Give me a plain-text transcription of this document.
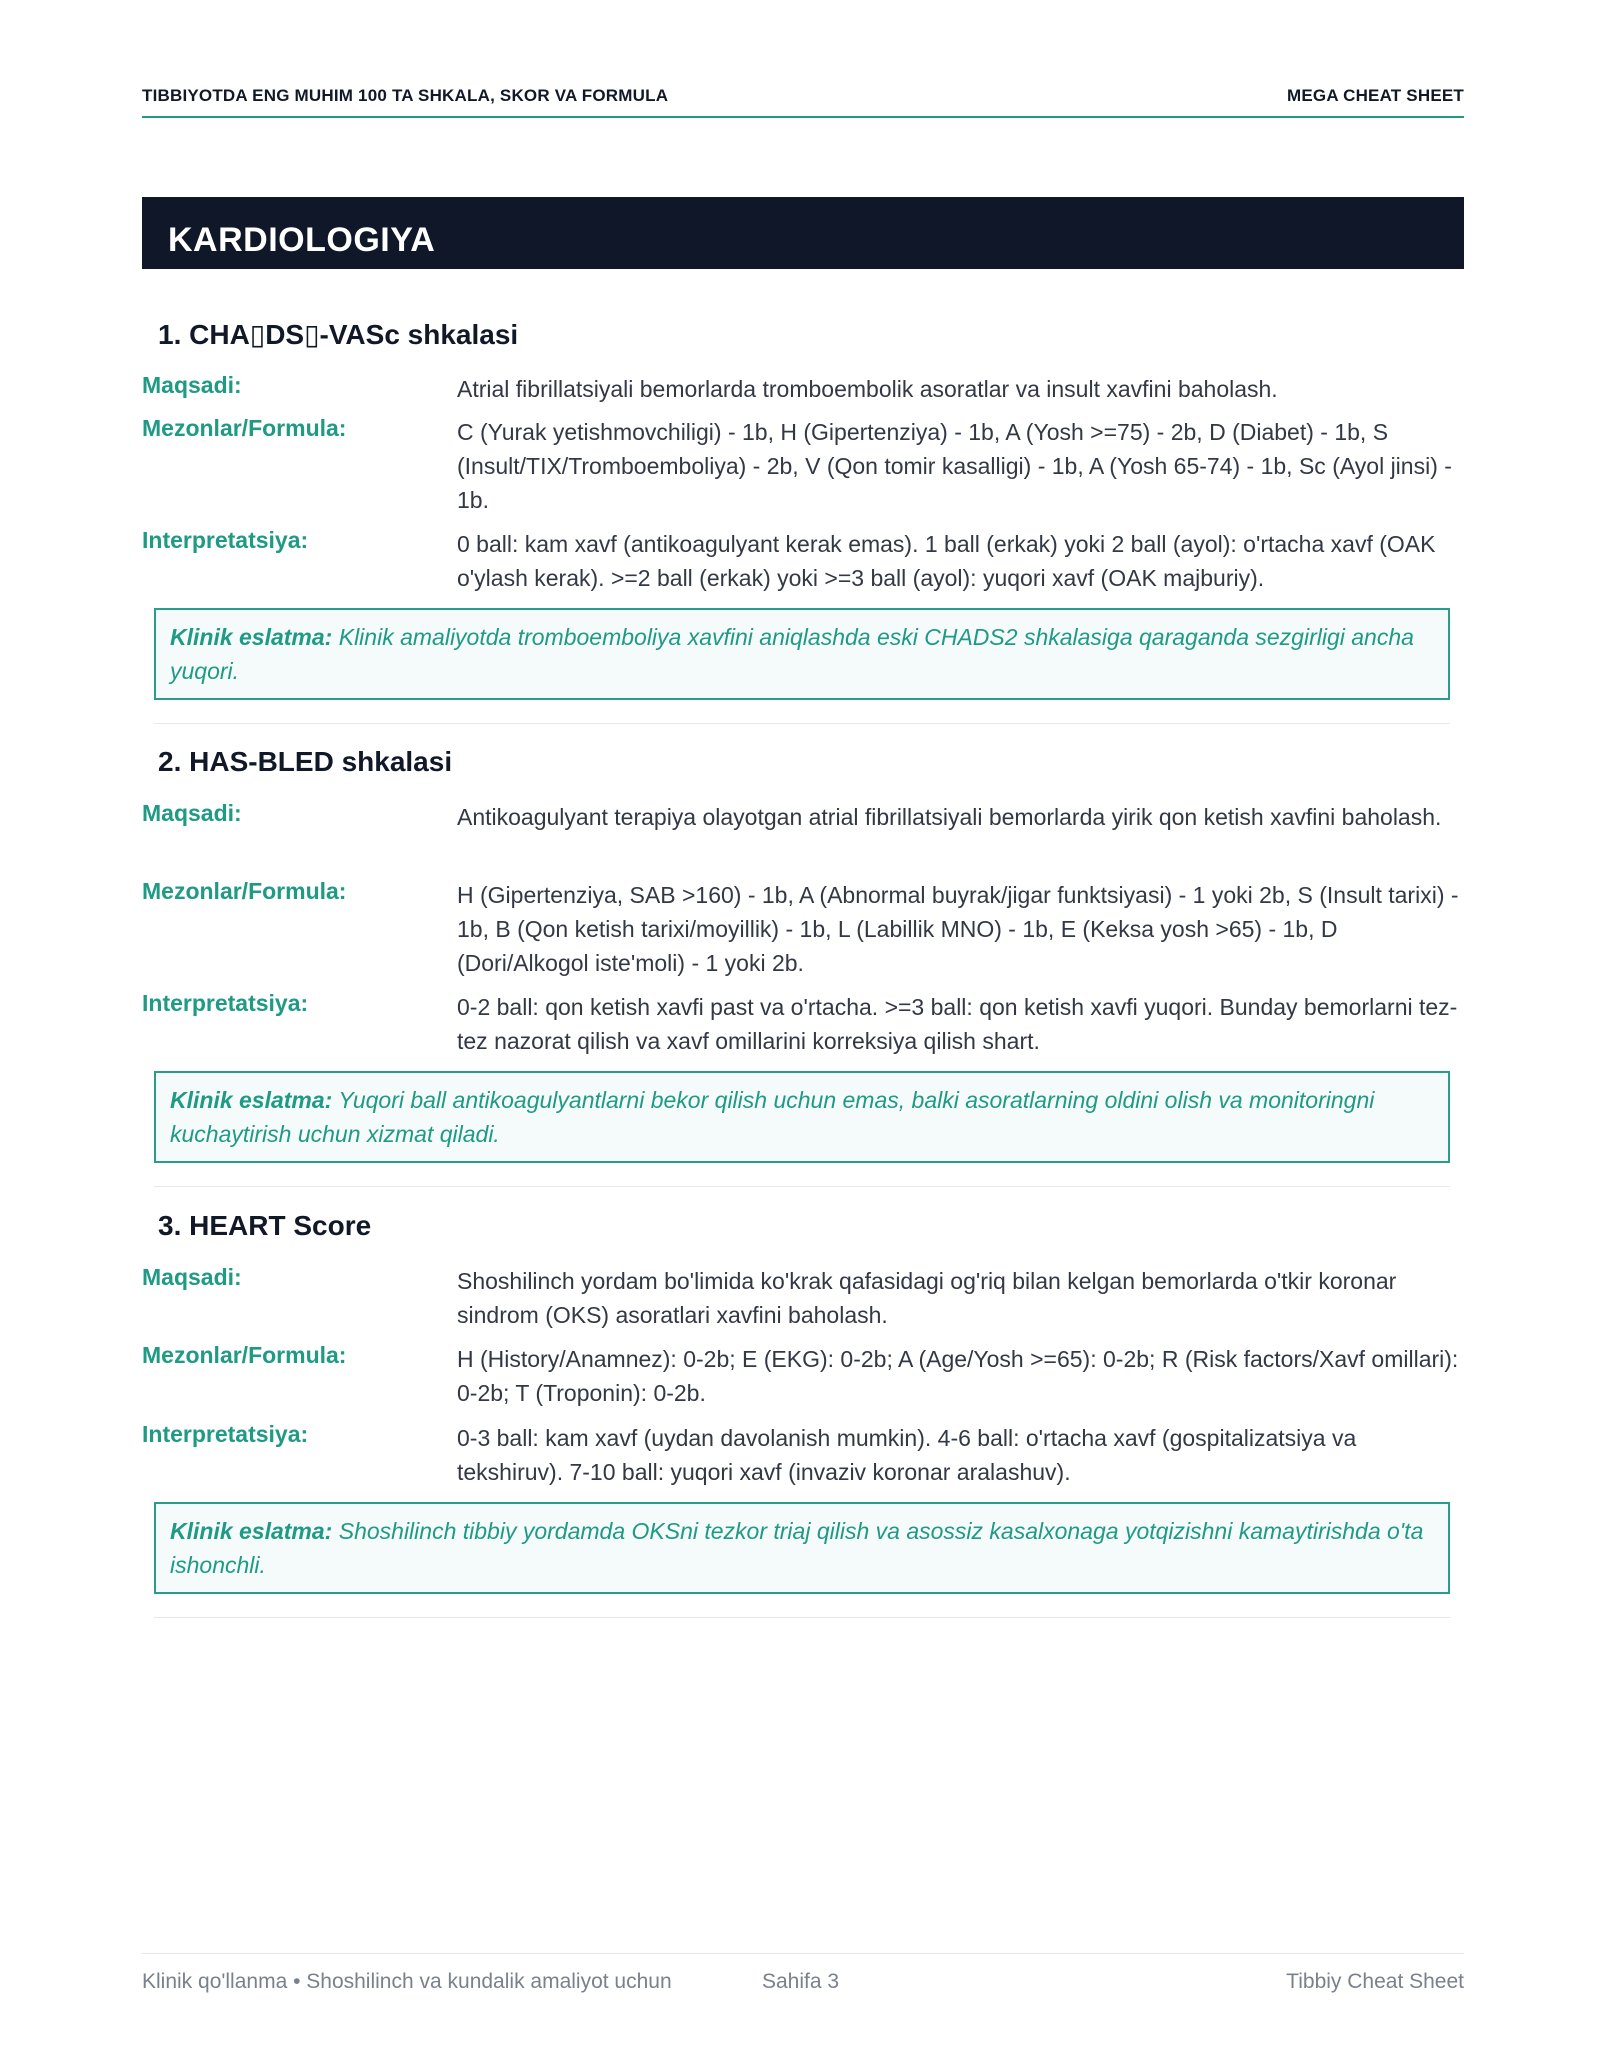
TIBBIYOTDA ENG MUHIM 100 TA SHKALA, SKOR VA FORMULA	MEGA CHEAT SHEET
KARDIOLOGIYA
1. CHA▯DS▯-VASc shkalasi
Maqsadi:	Atrial fibrillatsiyali bemorlarda tromboembolik asoratlar va insult xavfini baholash.
Mezonlar/Formula:	C (Yurak yetishmovchiligi) - 1b, H (Gipertenziya) - 1b, A (Yosh >=75) - 2b, D (Diabet) - 1b, S (Insult/TIX/Tromboemboliya) - 2b, V (Qon tomir kasalligi) - 1b, A (Yosh 65-74) - 1b, Sc (Ayol jinsi) - 1b.
Interpretatsiya:	0 ball: kam xavf (antikoagulyant kerak emas). 1 ball (erkak) yoki 2 ball (ayol): o'rtacha xavf (OAK o'ylash kerak). >=2 ball (erkak) yoki >=3 ball (ayol): yuqori xavf (OAK majburiy).
Klinik eslatma: Klinik amaliyotda tromboemboliya xavfini aniqlashda eski CHADS2 shkalasiga qaraganda sezgirligi ancha yuqori.
2. HAS-BLED shkalasi
Maqsadi:	Antikoagulyant terapiya olayotgan atrial fibrillatsiyali bemorlarda yirik qon ketish xavfini baholash.
Mezonlar/Formula:	H (Gipertenziya, SAB >160) - 1b, A (Abnormal buyrak/jigar funktsiyasi) - 1 yoki 2b, S (Insult tarixi) - 1b, B (Qon ketish tarixi/moyillik) - 1b, L (Labillik MNO) - 1b, E (Keksa yosh >65) - 1b, D (Dori/Alkogol iste'moli) - 1 yoki 2b.
Interpretatsiya:	0-2 ball: qon ketish xavfi past va o'rtacha. >=3 ball: qon ketish xavfi yuqori. Bunday bemorlarni tez-tez nazorat qilish va xavf omillarini korreksiya qilish shart.
Klinik eslatma: Yuqori ball antikoagulyantlarni bekor qilish uchun emas, balki asoratlarning oldini olish va monitoringni kuchaytirish uchun xizmat qiladi.
3. HEART Score
Maqsadi:	Shoshilinch yordam bo'limida ko'krak qafasidagi og'riq bilan kelgan bemorlarda o'tkir koronar sindrom (OKS) asoratlari xavfini baholash.
Mezonlar/Formula:	H (History/Anamnez): 0-2b; E (EKG): 0-2b; A (Age/Yosh >=65): 0-2b; R (Risk factors/Xavf omillari): 0-2b; T (Troponin): 0-2b.
Interpretatsiya:	0-3 ball: kam xavf (uydan davolanish mumkin). 4-6 ball: o'rtacha xavf (gospitalizatsiya va tekshiruv). 7-10 ball: yuqori xavf (invaziv koronar aralashuv).
Klinik eslatma: Shoshilinch tibbiy yordamda OKSni tezkor triaj qilish va asossiz kasalxonaga yotqizishni kamaytirishda o'ta ishonchli.
Klinik qo'llanma • Shoshilinch va kundalik amaliyot uchun	Sahifa 3	Tibbiy Cheat Sheet
